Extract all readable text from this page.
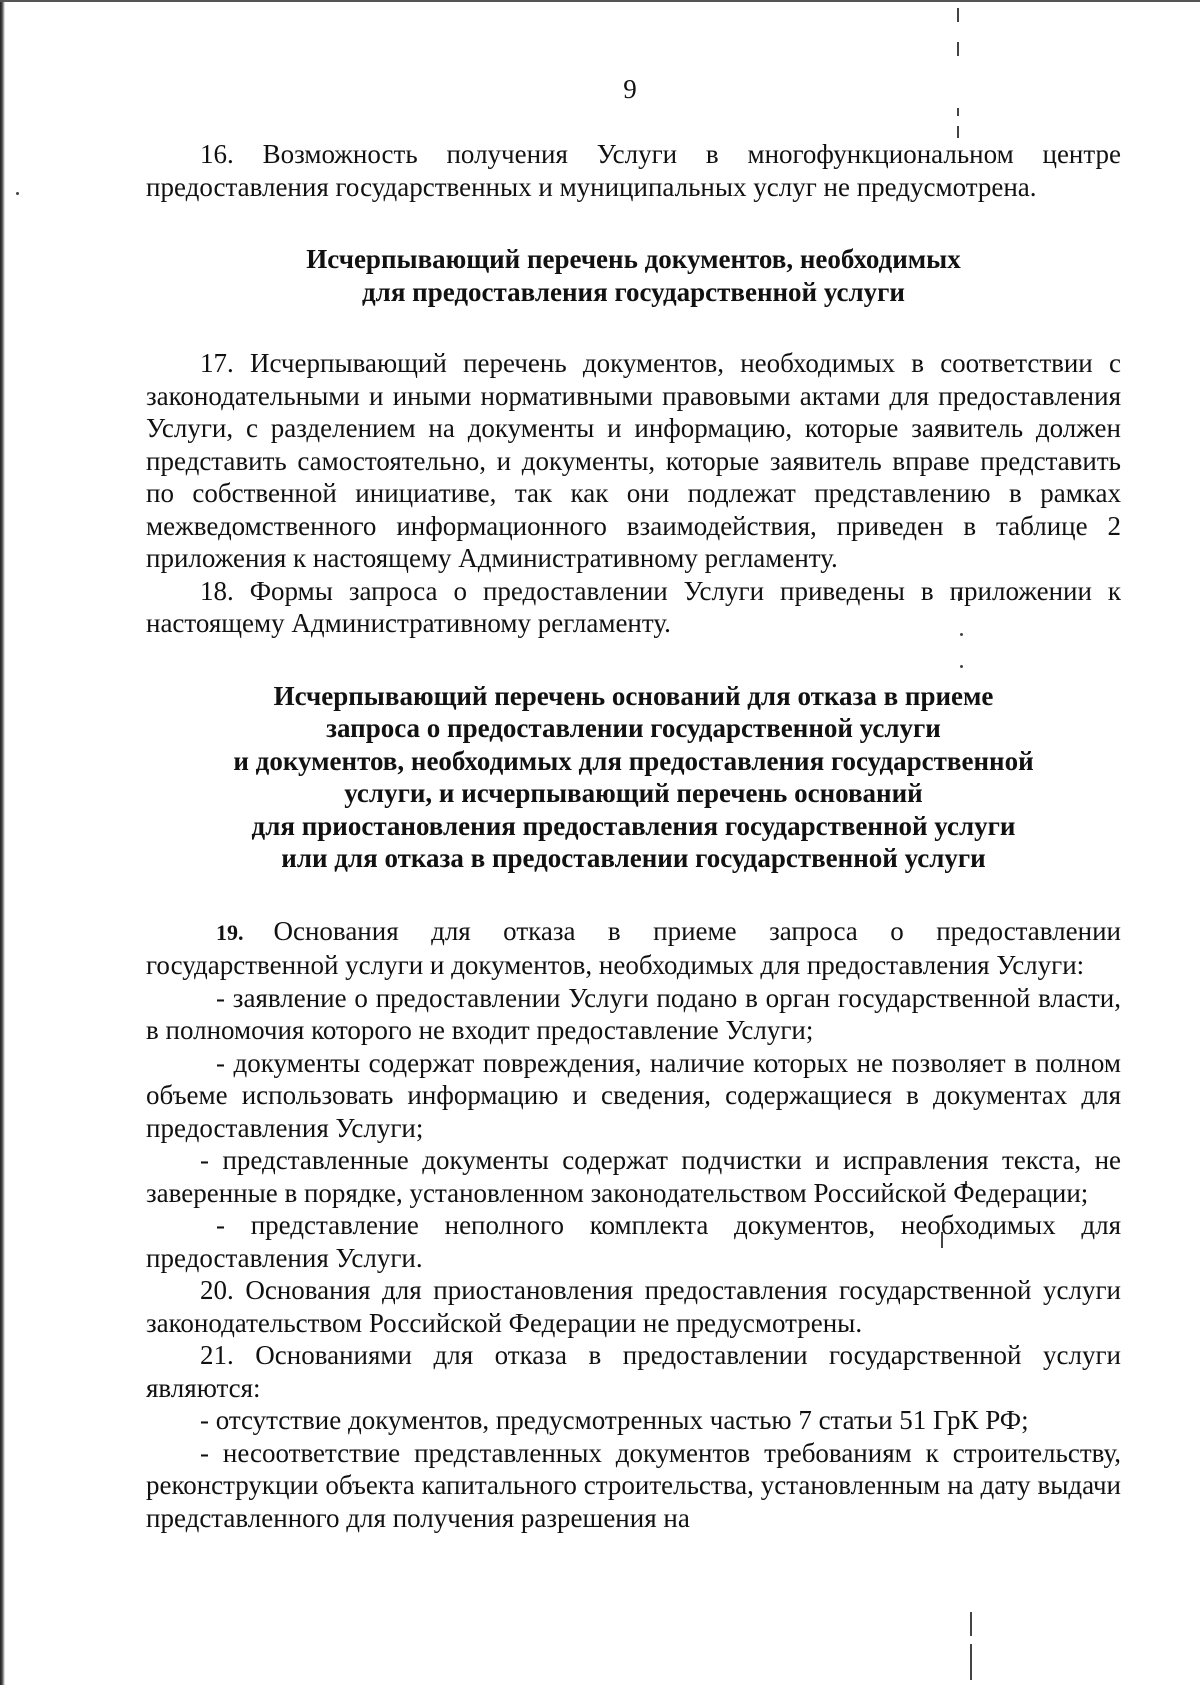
9

16. Возможность получения Услуги в многофункциональном центре предоставления государственных и муниципальных услуг не предусмотрена.

Исчерпывающий перечень документов, необходимых
для предоставления государственной услуги

17. Исчерпывающий перечень документов, необходимых в соответствии с законодательными и иными нормативными правовыми актами для предоставления Услуги, с разделением на документы и информацию, которые заявитель должен представить самостоятельно, и документы, которые заявитель вправе представить по собственной инициативе, так как они подлежат представлению в рамках межведомственного информационного взаимодействия, приведен в таблице 2 приложения к настоящему Административному регламенту.

18. Формы запроса о предоставлении Услуги приведены в приложении к настоящему Административному регламенту.

Исчерпывающий перечень оснований для отказа в приеме
запроса о предоставлении государственной услуги
и документов, необходимых для предоставления государственной
услуги, и исчерпывающий перечень оснований
для приостановления предоставления государственной услуги
или для отказа в предоставлении государственной услуги

19. Основания для отказа в приеме запроса о предоставлении государственной услуги и документов, необходимых для предоставления Услуги:

- заявление о предоставлении Услуги подано в орган государственной власти, в полномочия которого не входит предоставление Услуги;

- документы содержат повреждения, наличие которых не позволяет в полном объеме использовать информацию и сведения, содержащиеся в документах для предоставления Услуги;

- представленные документы содержат подчистки и исправления текста, не заверенные в порядке, установленном законодательством Российской Федерации;

- представление неполного комплекта документов, необходимых для предоставления Услуги.

20. Основания для приостановления предоставления государственной услуги законодательством Российской Федерации не предусмотрены.

21. Основаниями для отказа в предоставлении государственной услуги являются:

- отсутствие документов, предусмотренных частью 7 статьи 51 ГрК РФ;

- несоответствие представленных документов требованиям к строительству, реконструкции объекта капитального строительства, установленным на дату выдачи представленного для получения разрешения на
